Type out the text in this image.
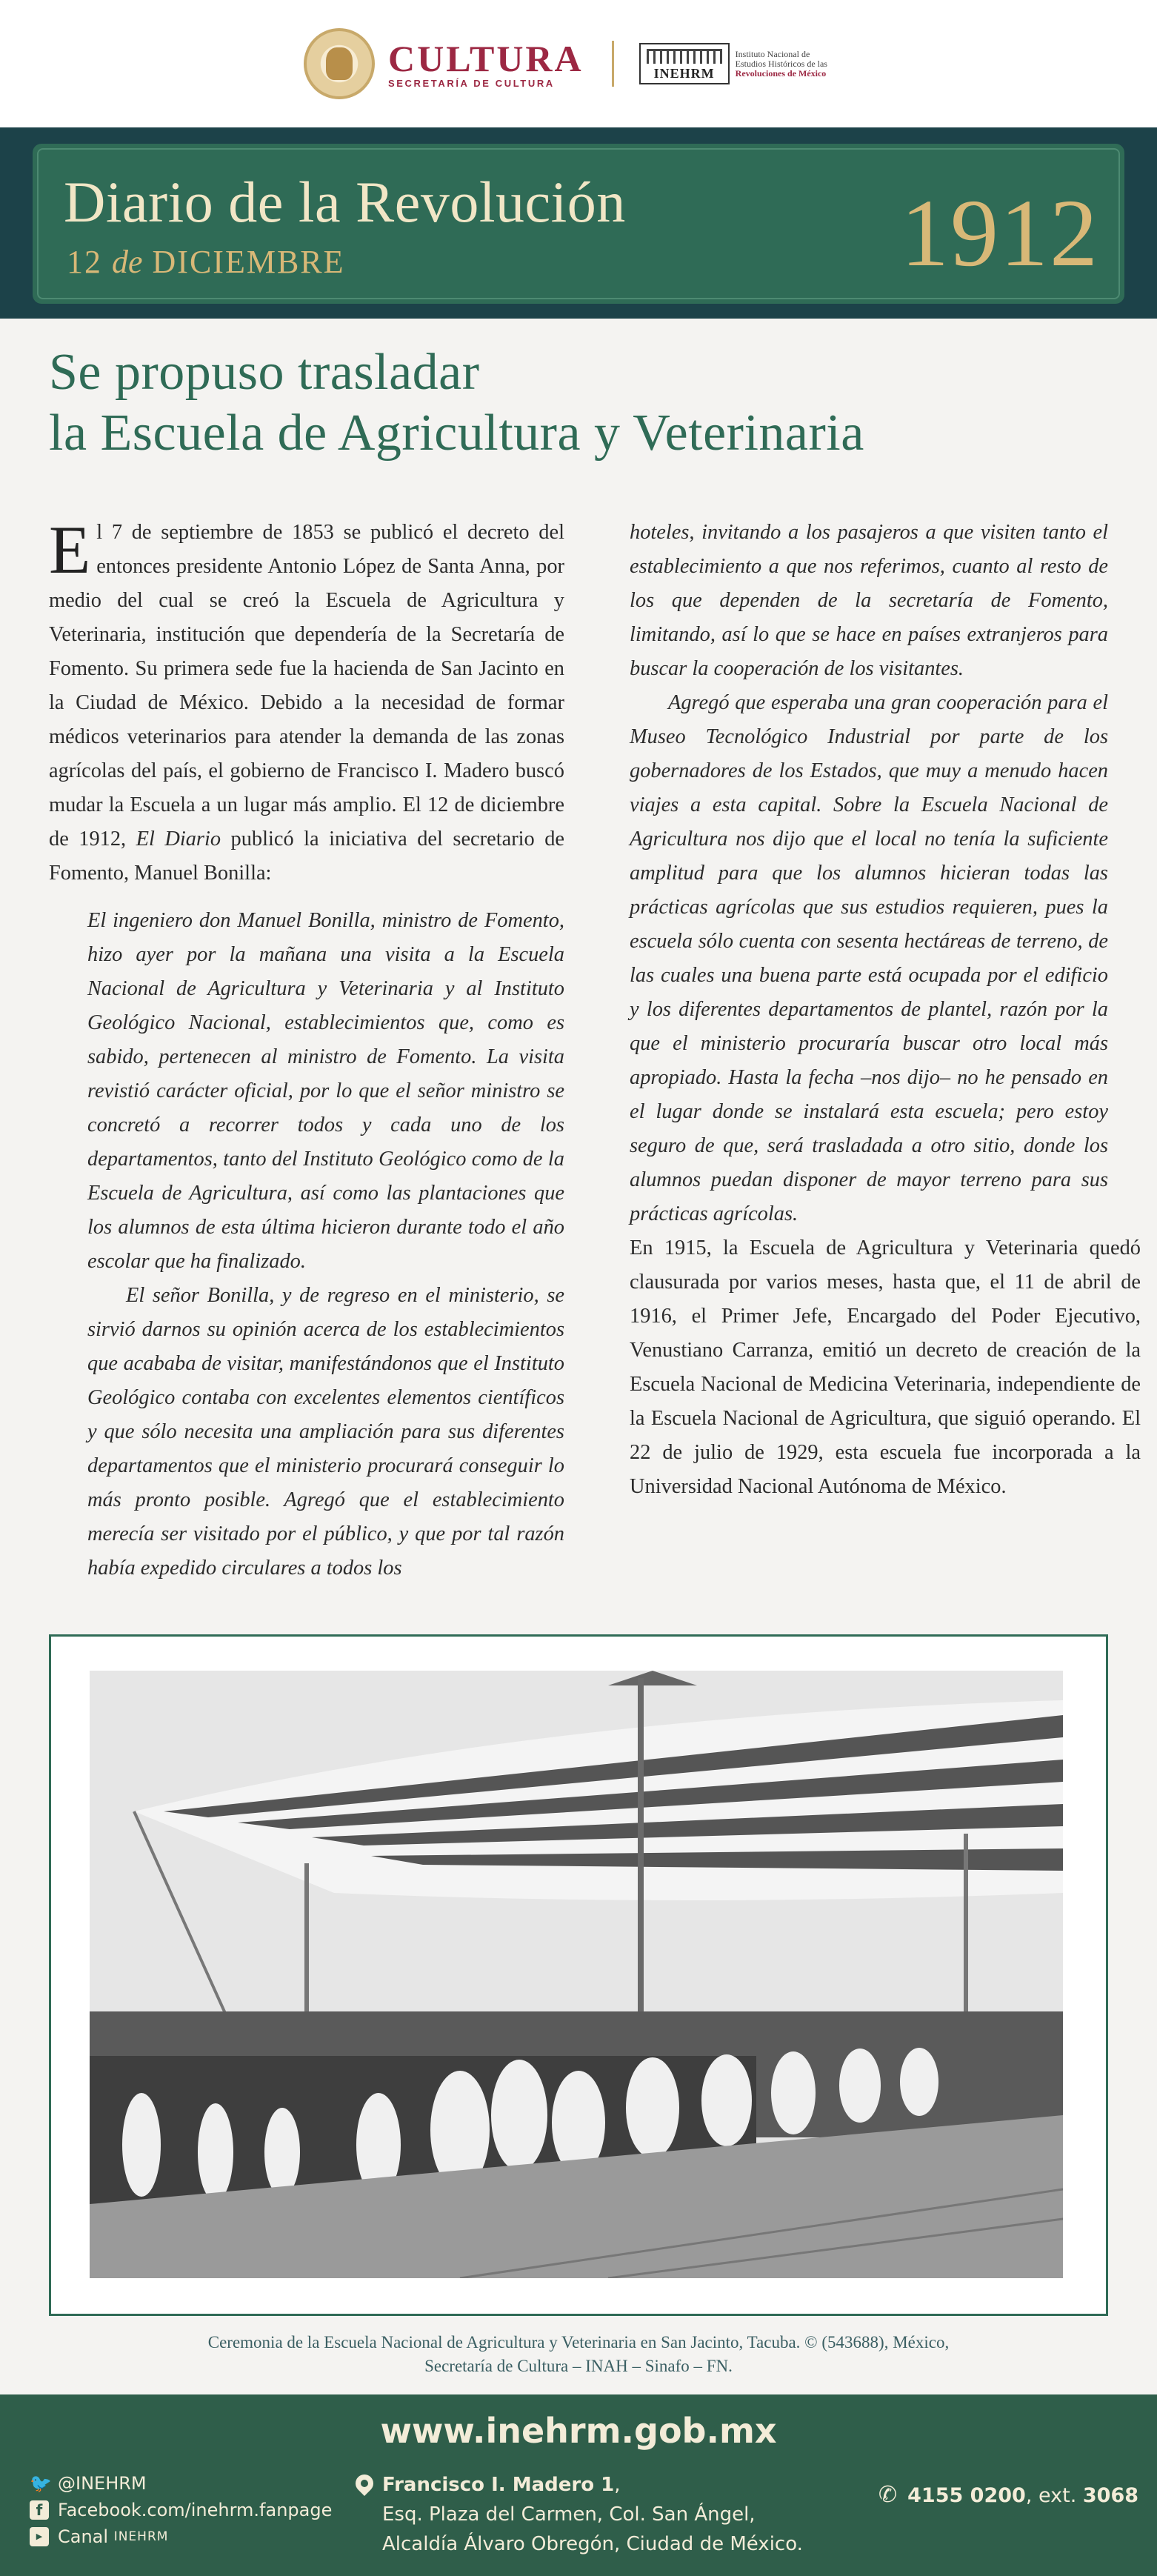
CULTURA
SECRETARÍA DE CULTURA
INEHRM
Instituto Nacional de
Estudios Históricos de las
Revoluciones de México
Diario de la Revolución
12 de DICIEMBRE	1912
Se propuso trasladar
la Escuela de Agricultura y Veterinaria

El 7 de septiembre de 1853 se publicó el decreto del entonces presidente Antonio López de Santa Anna, por medio del cual se creó la Escuela de Agricultura y Veterinaria, institución que dependería de la Secretaría de Fomento. Su primera sede fue la hacienda de San Jacinto en la Ciudad de México. Debido a la necesidad de formar médicos veterinarios para atender la demanda de las zonas agrícolas del país, el gobierno de Francisco I. Madero buscó mudar la Escuela a un lugar más amplio. El 12 de diciembre de 1912, El Diario publicó la iniciativa del secretario de Fomento, Manuel Bonilla:

El ingeniero don Manuel Bonilla, ministro de Fomento, hizo ayer por la mañana una visita a la Escuela Nacional de Agricultura y Veterinaria y al Instituto Geológico Nacional, establecimientos que, como es sabido, pertenecen al ministro de Fomento. La visita revistió carácter oficial, por lo que el señor ministro se concretó a recorrer todos y cada uno de los departamentos, tanto del Instituto Geológico como de la Escuela de Agricultura, así como las plantaciones que los alumnos de esta última hicieron durante todo el año escolar que ha finalizado.

El señor Bonilla, y de regreso en el ministerio, se sirvió darnos su opinión acerca de los establecimientos que acababa de visitar, manifestándonos que el Instituto Geológico contaba con excelentes elementos científicos y que sólo necesita una ampliación para sus diferentes departamentos que el ministerio procurará conseguir lo más pronto posible. Agregó que el establecimiento merecía ser visitado por el público, y que por tal razón había expedido circulares a todos los

hoteles, invitando a los pasajeros a que visiten tanto el establecimiento a que nos referimos, cuanto al resto de los que dependen de la secretaría de Fomento, limitando, así lo que se hace en países extranjeros para buscar la cooperación de los visitantes.

Agregó que esperaba una gran cooperación para el Museo Tecnológico Industrial por parte de los gobernadores de los Estados, que muy a menudo hacen viajes a esta capital. Sobre la Escuela Nacional de Agricultura nos dijo que el local no tenía la suficiente amplitud para que los alumnos hicieran todas las prácticas agrícolas que sus estudios requieren, pues la escuela sólo cuenta con sesenta hectáreas de terreno, de las cuales una buena parte está ocupada por el edificio y los diferentes departamentos de plantel, razón por la que el ministerio procuraría buscar otro local más apropiado. Hasta la fecha –nos dijo– no he pensado en el lugar donde se instalará esta escuela; pero estoy seguro de que, será trasladada a otro sitio, donde los alumnos puedan disponer de mayor terreno para sus prácticas agrícolas.

En 1915, la Escuela de Agricultura y Veterinaria quedó clausurada por varios meses, hasta que, el 11 de abril de 1916, el Primer Jefe, Encargado del Poder Ejecutivo, Venustiano Carranza, emitió un decreto de creación de la Escuela Nacional de Medicina Veterinaria, independiente de la Escuela Nacional de Agricultura, que siguió operando. El 22 de julio de 1929, esta escuela fue incorporada a la Universidad Nacional Autónoma de México.

Ceremonia de la Escuela Nacional de Agricultura y Veterinaria en San Jacinto, Tacuba. © (543688), México,
Secretaría de Cultura – INAH – Sinafo – FN.
www.inehrm.gob.mx
🐦 @INEHRM
f Facebook.com/inehrm.fanpage
▶ Canal
INEHRM
Francisco I. Madero 1,
Esq. Plaza del Carmen, Col. San Ángel,
Alcaldía Álvaro Obregón, Ciudad de México.
✆ 4155 0200, ext. 3068
